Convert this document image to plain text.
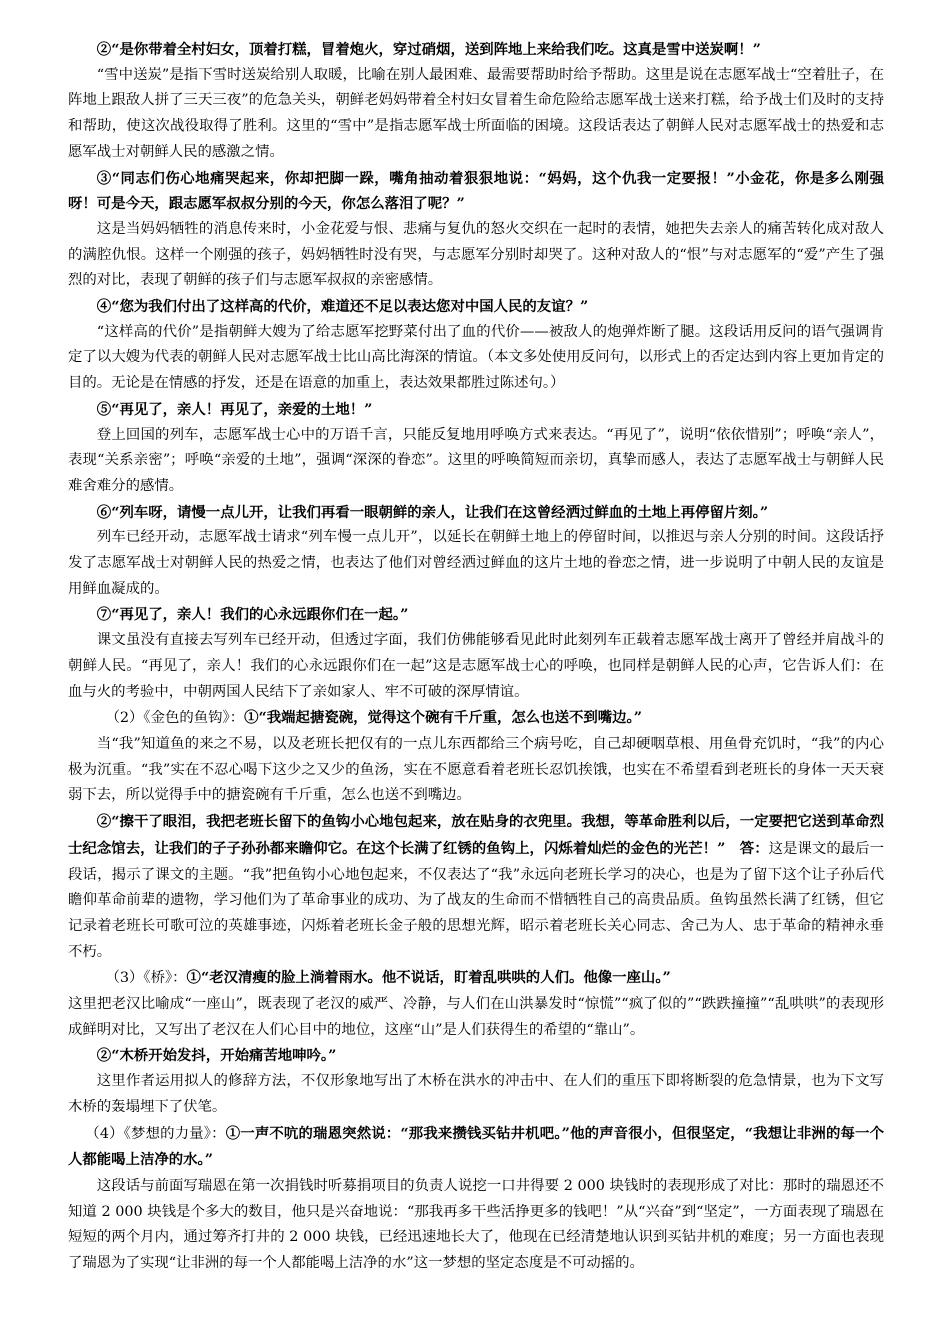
②“是你带着全村妇女，顶着打糕，冒着炮火，穿过硝烟，送到阵地上来给我们吃。这真是雪中送炭啊！”

“雪中送炭”是指下雪时送炭给别人取暖，比喻在别人最困难、最需要帮助时给予帮助。这里是说在志愿军战士“空着肚子，在阵地上跟敌人拼了三天三夜”的危急关头，朝鲜老妈妈带着全村妇女冒着生命危险给志愿军战士送来打糕，给予战士们及时的支持和帮助，使这次战役取得了胜利。这里的“雪中”是指志愿军战士所面临的困境。这段话表达了朝鲜人民对志愿军战士的热爱和志愿军战士对朝鲜人民的感激之情。

③“同志们伤心地痛哭起来，你却把脚一跺，嘴角抽动着狠狠地说：“妈妈，这个仇我一定要报！”小金花，你是多么刚强呀！可是今天，跟志愿军叔叔分别的今天，你怎么落泪了呢？”

这是当妈妈牺牲的消息传来时，小金花爱与恨、悲痛与复仇的怒火交织在一起时的表情，她把失去亲人的痛苦转化成对敌人的满腔仇恨。这样一个刚强的孩子，妈妈牺牲时没有哭，与志愿军分别时却哭了。这种对敌人的“恨”与对志愿军的“爱”产生了强烈的对比，表现了朝鲜的孩子们与志愿军叔叔的亲密感情。

④“您为我们付出了这样高的代价，难道还不足以表达您对中国人民的友谊？”

“这样高的代价”是指朝鲜大嫂为了给志愿军挖野菜付出了血的代价——被敌人的炮弹炸断了腿。这段话用反问的语气强调肯定了以大嫂为代表的朝鲜人民对志愿军战士比山高比海深的情谊。（本文多处使用反问句，以形式上的否定达到内容上更加肯定的目的。无论是在情感的抒发，还是在语意的加重上，表达效果都胜过陈述句。）

⑤“再见了，亲人！再见了，亲爱的土地！”

登上回国的列车，志愿军战士心中的万语千言，只能反复地用呼唤方式来表达。“再见了”，说明“依依惜别”；呼唤“亲人”，表现“关系亲密”；呼唤“亲爱的土地”，强调“深深的眷恋”。这里的呼唤简短而亲切，真挚而感人，表达了志愿军战士与朝鲜人民难舍难分的感情。

⑥“列车呀，请慢一点儿开，让我们再看一眼朝鲜的亲人，让我们在这曾经洒过鲜血的土地上再停留片刻。”

列车已经开动，志愿军战士请求“列车慢一点儿开”，以延长在朝鲜土地上的停留时间，以推迟与亲人分别的时间。这段话抒发了志愿军战士对朝鲜人民的热爱之情，也表达了他们对曾经洒过鲜血的这片土地的眷恋之情，进一步说明了中朝人民的友谊是用鲜血凝成的。

⑦“再见了，亲人！我们的心永远跟你们在一起。”

课文虽没有直接去写列车已经开动，但透过字面，我们仿佛能够看见此时此刻列车正载着志愿军战士离开了曾经并肩战斗的朝鲜人民。“再见了，亲人！我们的心永远跟你们在一起”这是志愿军战士心的呼唤，也同样是朝鲜人民的心声，它告诉人们：在血与火的考验中，中朝两国人民结下了亲如家人、牢不可破的深厚情谊。

（2）《金色的鱼钩》：①“我端起搪瓷碗，觉得这个碗有千斤重，怎么也送不到嘴边。”

当“我”知道鱼的来之不易，以及老班长把仅有的一点儿东西都给三个病号吃，自己却硬咽草根、用鱼骨充饥时，“我”的内心极为沉重。“我”实在不忍心喝下这少之又少的鱼汤，实在不愿意看着老班长忍饥挨饿，也实在不希望看到老班长的身体一天天衰弱下去，所以觉得手中的搪瓷碗有千斤重，怎么也送不到嘴边。

②“擦干了眼泪，我把老班长留下的鱼钩小心地包起来，放在贴身的衣兜里。我想，等革命胜利以后，一定要把它送到革命烈士纪念馆去，让我们的子子孙孙都来瞻仰它。在这个长满了红锈的鱼钩上，闪烁着灿烂的金色的光芒！”  答：这是课文的最后一段话，揭示了课文的主题。“我”把鱼钩小心地包起来，不仅表达了“我”永远向老班长学习的决心，也是为了留下这个让子孙后代瞻仰革命前辈的遗物，学习他们为了革命事业的成功、为了战友的生命而不惜牺牲自己的高贵品质。鱼钩虽然长满了红锈，但它记录着老班长可歌可泣的英雄事迹，闪烁着老班长金子般的思想光辉，昭示着老班长关心同志、舍己为人、忠于革命的精神永垂不朽。

（3）《桥》：①“老汉清瘦的脸上淌着雨水。他不说话，盯着乱哄哄的人们。他像一座山。”

这里把老汉比喻成“一座山”，既表现了老汉的威严、冷静，与人们在山洪暴发时“惊慌”“疯了似的”“跌跌撞撞”“乱哄哄”的表现形成鲜明对比，又写出了老汉在人们心目中的地位，这座“山”是人们获得生的希望的“靠山”。

②“木桥开始发抖，开始痛苦地呻吟。”

这里作者运用拟人的修辞方法，不仅形象地写出了木桥在洪水的冲击中、在人们的重压下即将断裂的危急情景，也为下文写木桥的轰塌埋下了伏笔。

（4）《梦想的力量》：①一声不吭的瑞恩突然说：“那我来攒钱买钻井机吧。”他的声音很小，但很坚定，“我想让非洲的每一个人都能喝上洁净的水。”

这段话与前面写瑞恩在第一次捐钱时听募捐项目的负责人说挖一口井得要 2 000 块钱时的表现形成了对比：那时的瑞恩还不知道 2 000 块钱是个多大的数目，他只是兴奋地说：“那我再多干些活挣更多的钱吧！”从“兴奋”到“坚定”，一方面表现了瑞恩在短短的两个月内，通过筹齐打井的 2 000 块钱，已经迅速地长大了，他现在已经清楚地认识到买钻井机的难度；另一方面也表现了瑞恩为了实现“让非洲的每一个人都能喝上洁净的水”这一梦想的坚定态度是不可动摇的。
